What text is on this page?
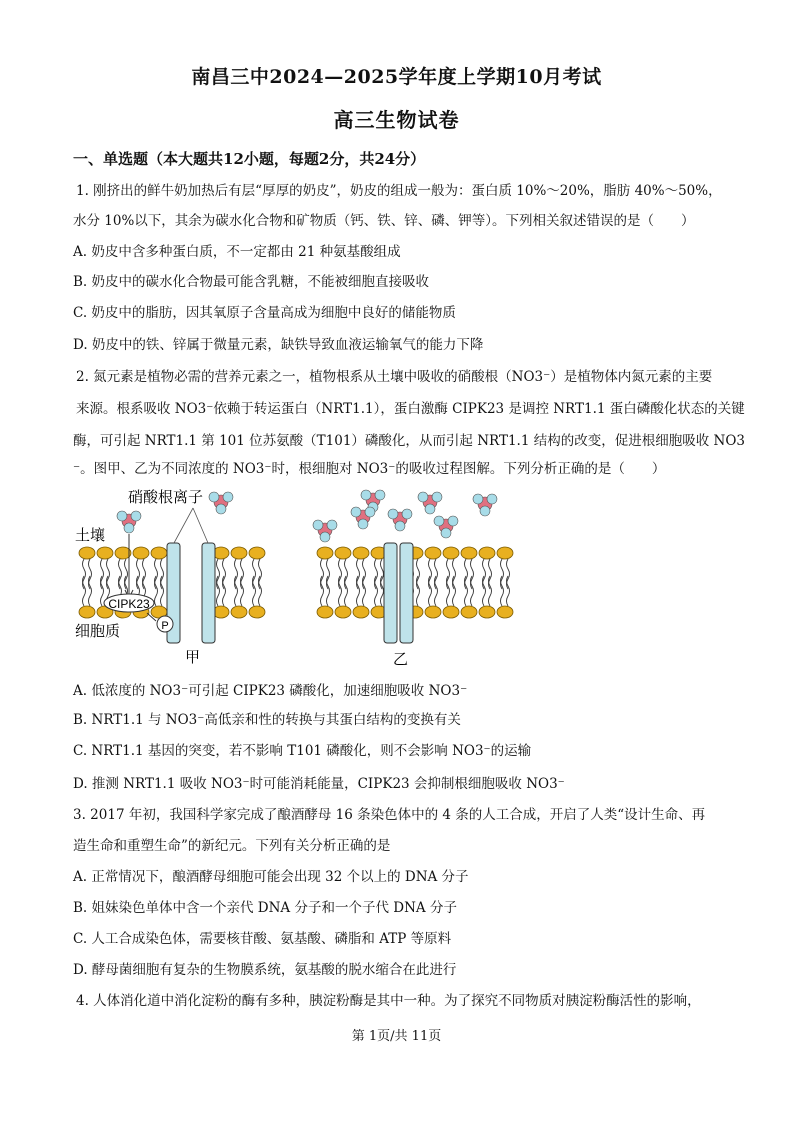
南昌三中2024—2025学年度上学期10月考试
高三生物试卷
一、单选题（本大题共12小题，每题2分，共24分）
1. 刚挤出的鲜牛奶加热后有层“厚厚的奶皮”，奶皮的组成一般为：蛋白质 10%～20%，脂肪 40%～50%，
水分 10%以下，其余为碳水化合物和矿物质（钙、铁、锌、磷、钾等）。下列相关叙述错误的是（　　）
A. 奶皮中含多种蛋白质，不一定都由 21 种氨基酸组成
B. 奶皮中的碳水化合物最可能含乳糖，不能被细胞直接吸收
C. 奶皮中的脂肪，因其氧原子含量高成为细胞中良好的储能物质
D. 奶皮中的铁、锌属于微量元素，缺铁导致血液运输氧气的能力下降
2. 氮元素是植物必需的营养元素之一，植物根系从土壤中吸收的硝酸根（NO3⁻）是植物体内氮元素的主要
来源。根系吸收 NO3⁻依赖于转运蛋白（NRT1.1），蛋白激酶 CIPK23 是调控 NRT1.1 蛋白磷酸化状态的关键
酶，可引起 NRT1.1 第 101 位苏氨酸（T101）磷酸化，从而引起 NRT1.1 结构的改变，促进根细胞吸收 NO3
⁻。图甲、乙为不同浓度的 NO3⁻时，根细胞对 NO3⁻的吸收过程图解。下列分析正确的是（　　）
CIPK23
P
硝酸根离子
土壤
细胞质
甲	乙
A. 低浓度的 NO3⁻可引起 CIPK23 磷酸化，加速细胞吸收 NO3⁻
B. NRT1.1 与 NO3⁻高低亲和性的转换与其蛋白结构的变换有关
C. NRT1.1 基因的突变，若不影响 T101 磷酸化，则不会影响 NO3⁻的运输
D. 推测 NRT1.1 吸收 NO3⁻时可能消耗能量，CIPK23 会抑制根细胞吸收 NO3⁻
3. 2017 年初，我国科学家完成了酿酒酵母 16 条染色体中的 4 条的人工合成，开启了人类“设计生命、再
造生命和重塑生命”的新纪元。下列有关分析正确的是
A. 正常情况下，酿酒酵母细胞可能会出现 32 个以上的 DNA 分子
B. 姐妹染色单体中含一个亲代 DNA 分子和一个子代 DNA 分子
C. 人工合成染色体，需要核苷酸、氨基酸、磷脂和 ATP 等原料
D. 酵母菌细胞有复杂的生物膜系统，氨基酸的脱水缩合在此进行
4. 人体消化道中消化淀粉的酶有多种，胰淀粉酶是其中一种。为了探究不同物质对胰淀粉酶活性的影响，
第 1页/共 11页
